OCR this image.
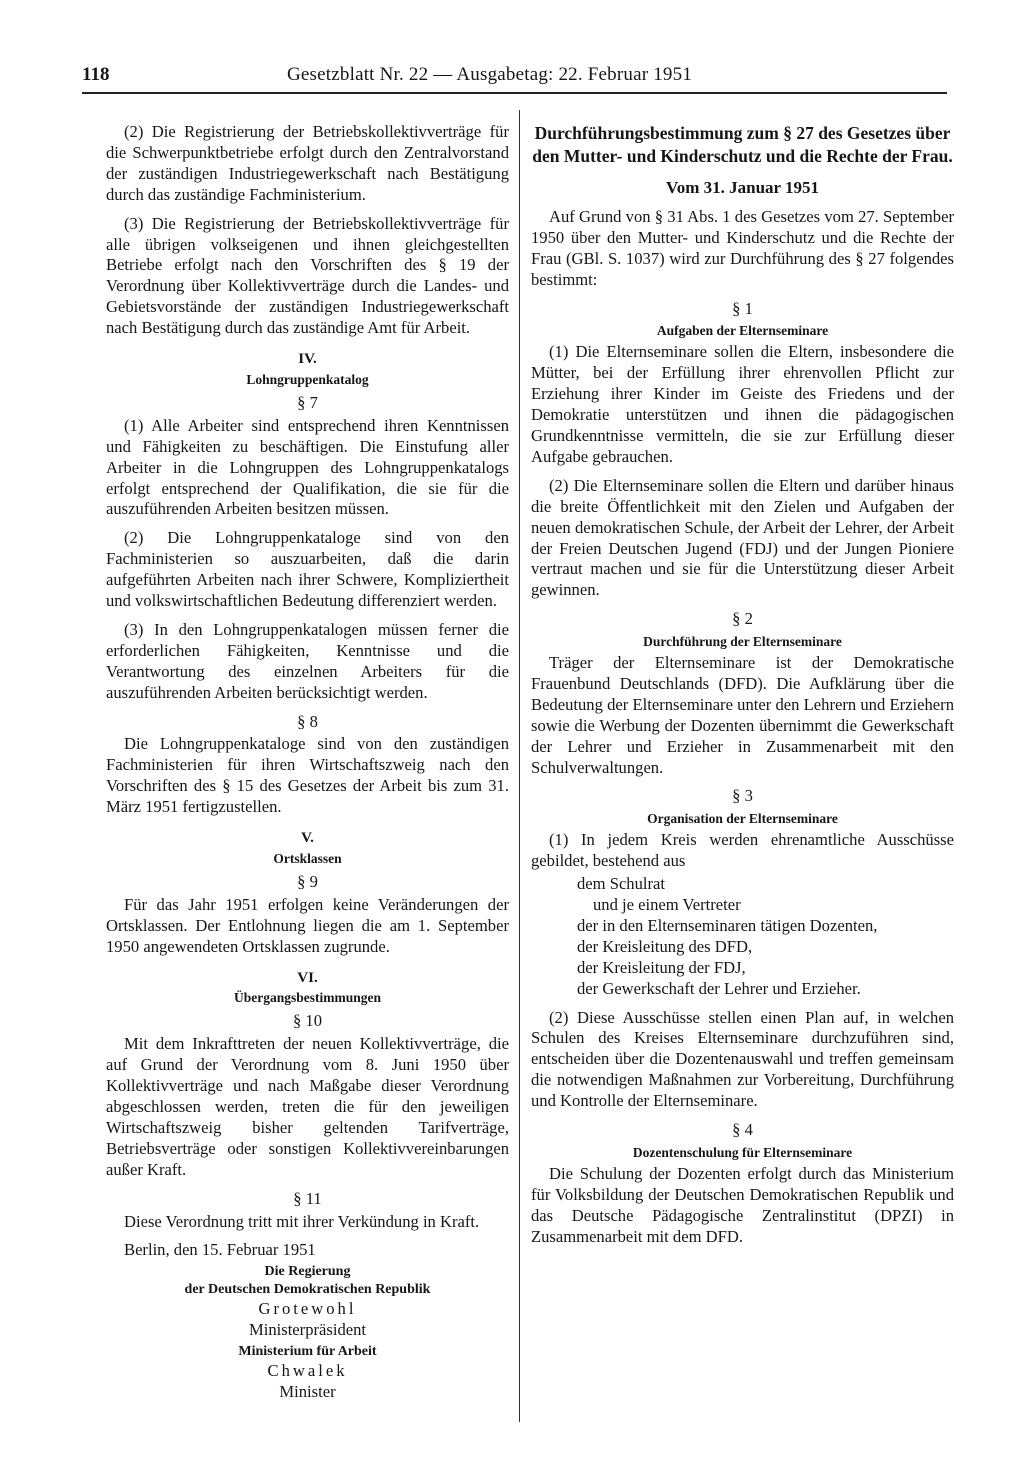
118	Gesetzblatt Nr. 22 — Ausgabetag: 22. Februar 1951

(2) Die Registrierung der Betriebskollektivverträge für die Schwerpunktbetriebe erfolgt durch den Zentralvorstand der zuständigen Industriegewerkschaft nach Bestätigung durch das zuständige Fachministerium.

(3) Die Registrierung der Betriebskollektivverträge für alle übrigen volkseigenen und ihnen gleichgestellten Betriebe erfolgt nach den Vorschriften des § 19 der Verordnung über Kollektivverträge durch die Landes- und Gebietsvorstände der zuständigen Industriegewerkschaft nach Bestätigung durch das zuständige Amt für Arbeit.

IV.

Lohngruppenkatalog

§ 7

(1) Alle Arbeiter sind entsprechend ihren Kenntnissen und Fähigkeiten zu beschäftigen. Die Einstufung aller Arbeiter in die Lohngruppen des Lohngruppenkatalogs erfolgt entsprechend der Qualifikation, die sie für die auszuführenden Arbeiten besitzen müssen.

(2) Die Lohngruppenkataloge sind von den Fachministerien so auszuarbeiten, daß die darin aufgeführten Arbeiten nach ihrer Schwere, Kompliziertheit und volkswirtschaftlichen Bedeutung differenziert werden.

(3) In den Lohngruppenkatalogen müssen ferner die erforderlichen Fähigkeiten, Kenntnisse und die Verantwortung des einzelnen Arbeiters für die auszuführenden Arbeiten berücksichtigt werden.

§ 8

Die Lohngruppenkataloge sind von den zuständigen Fachministerien für ihren Wirtschaftszweig nach den Vorschriften des § 15 des Gesetzes der Arbeit bis zum 31. März 1951 fertigzustellen.

V.

Ortsklassen

§ 9

Für das Jahr 1951 erfolgen keine Veränderungen der Ortsklassen. Der Entlohnung liegen die am 1. September 1950 angewendeten Ortsklassen zugrunde.

VI.

Übergangsbestimmungen

§ 10

Mit dem Inkrafttreten der neuen Kollektivverträge, die auf Grund der Verordnung vom 8. Juni 1950 über Kollektivverträge und nach Maßgabe dieser Verordnung abgeschlossen werden, treten die für den jeweiligen Wirtschaftszweig bisher geltenden Tarifverträge, Betriebsverträge oder sonstigen Kollektivvereinbarungen außer Kraft.

§ 11

Diese Verordnung tritt mit ihrer Verkündung in Kraft.

Berlin, den 15. Februar 1951

Die Regierung

der Deutschen Demokratischen Republik

Grotewohl

Ministerpräsident

Ministerium für Arbeit

Chwalek

Minister

Durchführungsbestimmung zum § 27 des Gesetzes über den Mutter- und Kinderschutz und die Rechte der Frau.

Vom 31. Januar 1951

Auf Grund von § 31 Abs. 1 des Gesetzes vom 27. September 1950 über den Mutter- und Kinderschutz und die Rechte der Frau (GBl. S. 1037) wird zur Durchführung des § 27 folgendes bestimmt:

§ 1

Aufgaben der Elternseminare

(1) Die Elternseminare sollen die Eltern, insbesondere die Mütter, bei der Erfüllung ihrer ehrenvollen Pflicht zur Erziehung ihrer Kinder im Geiste des Friedens und der Demokratie unterstützen und ihnen die pädagogischen Grundkenntnisse vermitteln, die sie zur Erfüllung dieser Aufgabe gebrauchen.

(2) Die Elternseminare sollen die Eltern und darüber hinaus die breite Öffentlichkeit mit den Zielen und Aufgaben der neuen demokratischen Schule, der Arbeit der Lehrer, der Arbeit der Freien Deutschen Jugend (FDJ) und der Jungen Pioniere vertraut machen und sie für die Unterstützung dieser Arbeit gewinnen.

§ 2

Durchführung der Elternseminare

Träger der Elternseminare ist der Demokratische Frauenbund Deutschlands (DFD). Die Aufklärung über die Bedeutung der Elternseminare unter den Lehrern und Erziehern sowie die Werbung der Dozenten übernimmt die Gewerkschaft der Lehrer und Erzieher in Zusammenarbeit mit den Schulverwaltungen.

§ 3

Organisation der Elternseminare

(1) In jedem Kreis werden ehrenamtliche Ausschüsse gebildet, bestehend aus

dem Schulrat

und je einem Vertreter

der in den Elternseminaren tätigen Dozenten,

der Kreisleitung des DFD,

der Kreisleitung der FDJ,

der Gewerkschaft der Lehrer und Erzieher.

(2) Diese Ausschüsse stellen einen Plan auf, in welchen Schulen des Kreises Elternseminare durchzuführen sind, entscheiden über die Dozentenauswahl und treffen gemeinsam die notwendigen Maßnahmen zur Vorbereitung, Durchführung und Kontrolle der Elternseminare.

§ 4

Dozentenschulung für Elternseminare

Die Schulung der Dozenten erfolgt durch das Ministerium für Volksbildung der Deutschen Demokratischen Republik und das Deutsche Pädagogische Zentralinstitut (DPZI) in Zusammenarbeit mit dem DFD.
